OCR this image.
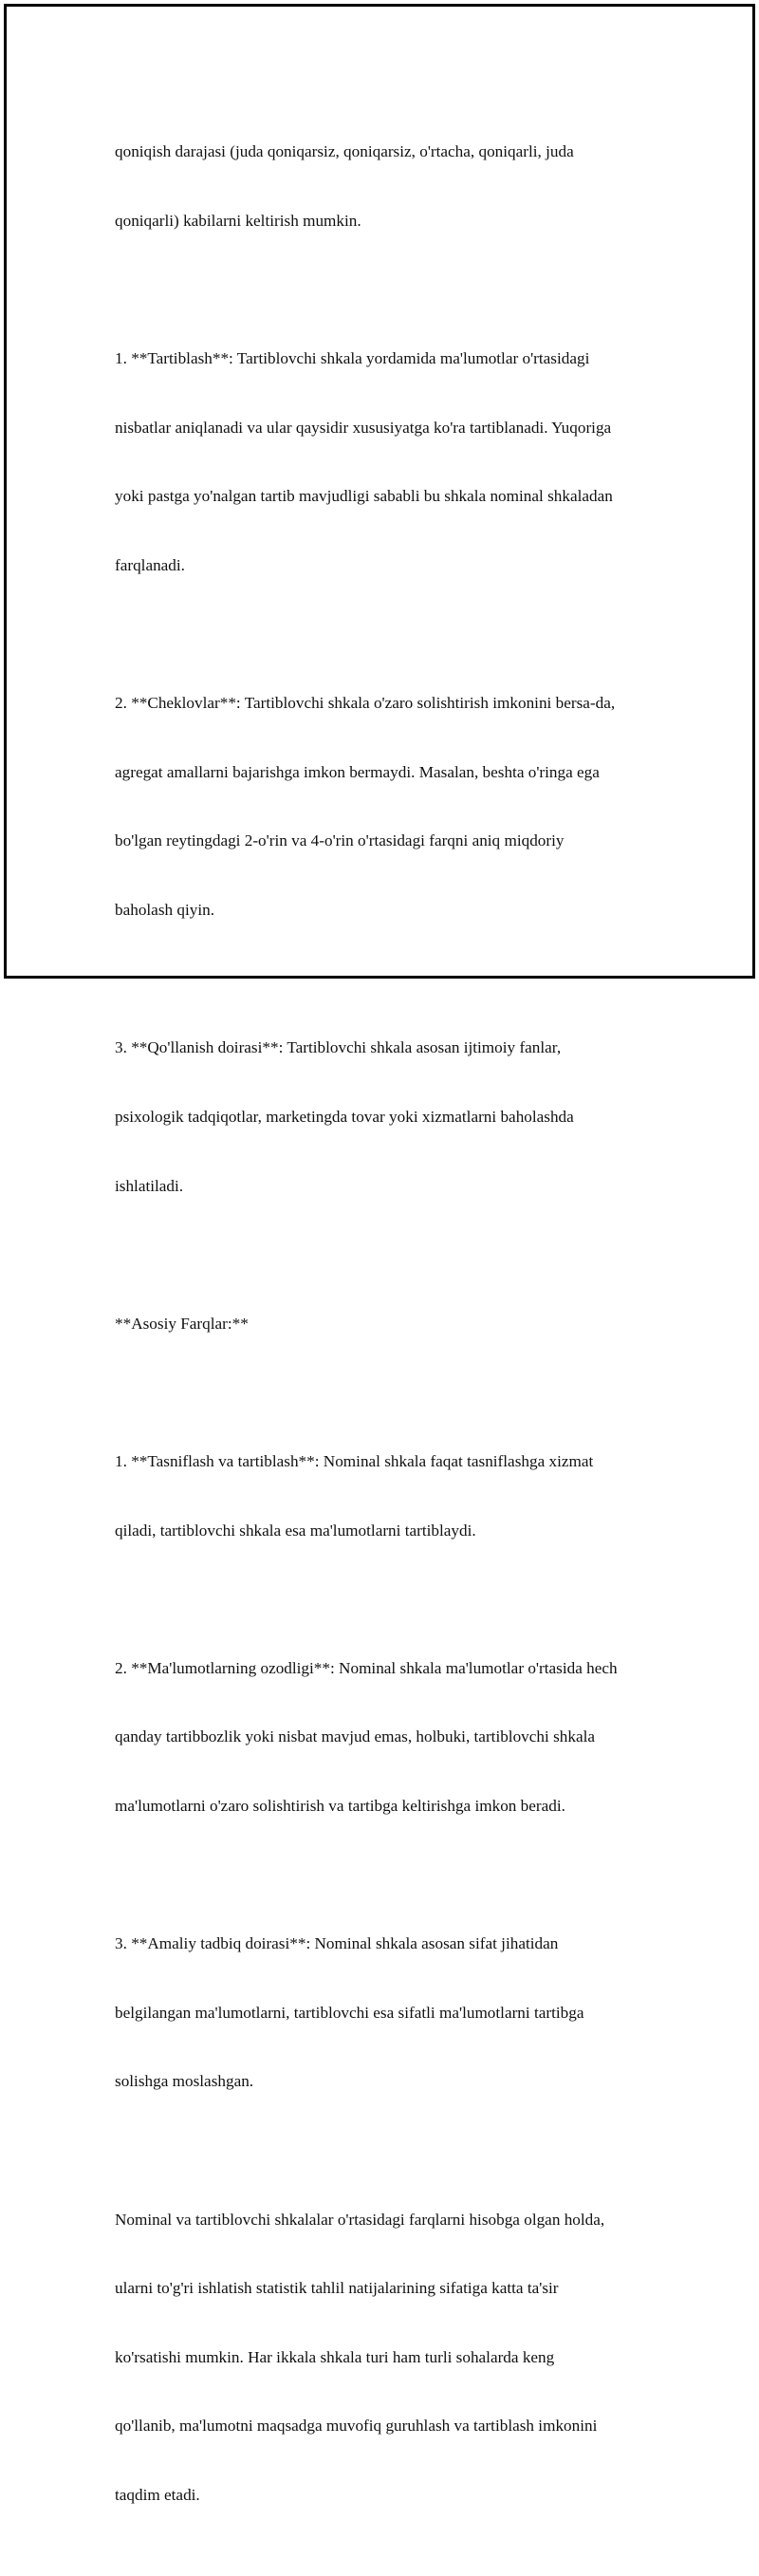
qoniqish darajasi (juda qoniqarsiz, qoniqarsiz, o'rtacha, qoniqarli, juda

qoniqarli) kabilarni keltirish mumkin.

1. **Tartiblash**: Tartiblovchi shkala yordamida ma'lumotlar o'rtasidagi

nisbatlar aniqlanadi va ular qaysidir xususiyatga ko'ra tartiblanadi. Yuqoriga

yoki pastga yo'nalgan tartib mavjudligi sababli bu shkala nominal shkaladan

farqlanadi.

2. **Cheklovlar**: Tartiblovchi shkala o'zaro solishtirish imkonini bersa-da,

agregat amallarni bajarishga imkon bermaydi. Masalan, beshta o'ringa ega

bo'lgan reytingdagi 2-o'rin va 4-o'rin o'rtasidagi farqni aniq miqdoriy

baholash qiyin.

3. **Qo'llanish doirasi**: Tartiblovchi shkala asosan ijtimoiy fanlar,

psixologik tadqiqotlar, marketingda tovar yoki xizmatlarni baholashda

ishlatiladi.

**Asosiy Farqlar:**

1. **Tasniflash va tartiblash**: Nominal shkala faqat tasniflashga xizmat

qiladi, tartiblovchi shkala esa ma'lumotlarni tartiblaydi.

2. **Ma'lumotlarning ozodligi**: Nominal shkala ma'lumotlar o'rtasida hech

qanday tartibbozlik yoki nisbat mavjud emas, holbuki, tartiblovchi shkala

ma'lumotlarni o'zaro solishtirish va tartibga keltirishga imkon beradi.

3. **Amaliy tadbiq doirasi**: Nominal shkala asosan sifat jihatidan

belgilangan ma'lumotlarni, tartiblovchi esa sifatli ma'lumotlarni tartibga

solishga moslashgan.

Nominal va tartiblovchi shkalalar o'rtasidagi farqlarni hisobga olgan holda,

ularni to'g'ri ishlatish statistik tahlil natijalarining sifatiga katta ta'sir

ko'rsatishi mumkin. Har ikkala shkala turi ham turli sohalarda keng

qo'llanib, ma'lumotni maqsadga muvofiq guruhlash va tartiblash imkonini

taqdim etadi.
